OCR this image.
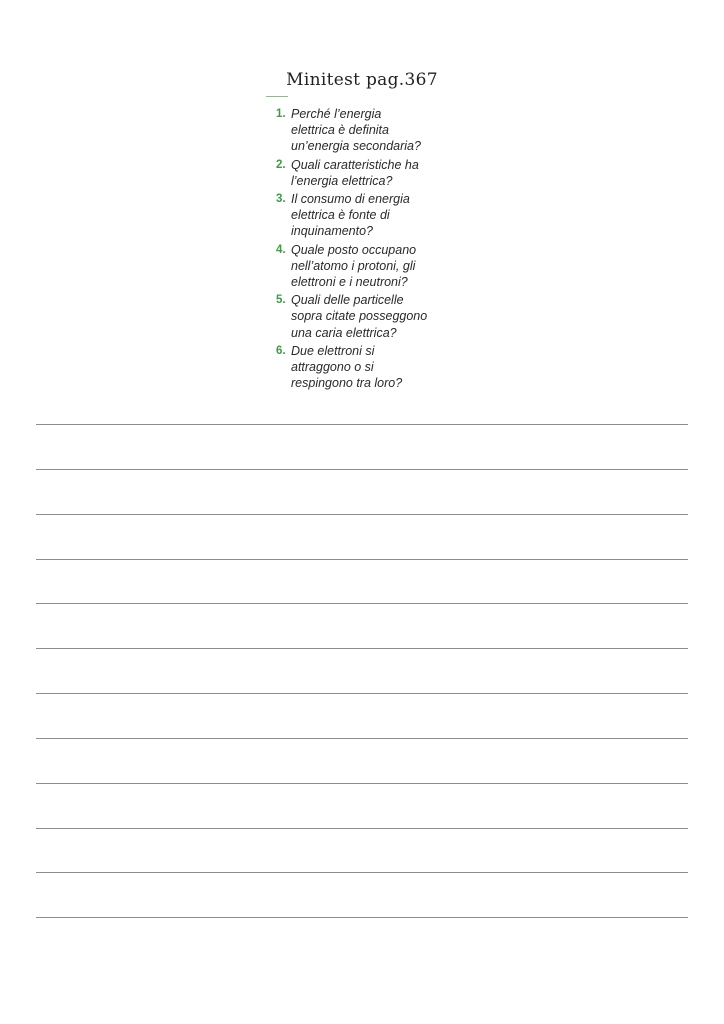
Minitest pag.367
1. Perché l’energia
elettrica è definita
un’energia secondaria?
2. Quali caratteristiche ha
l’energia elettrica?
3. Il consumo di energia
elettrica è fonte di
inquinamento?
4. Quale posto occupano
nell’atomo i protoni, gli
elettroni e i neutroni?
5. Quali delle particelle
sopra citate posseggono
una caria elettrica?
6. Due elettroni si
attraggono o si
respingono tra loro?
